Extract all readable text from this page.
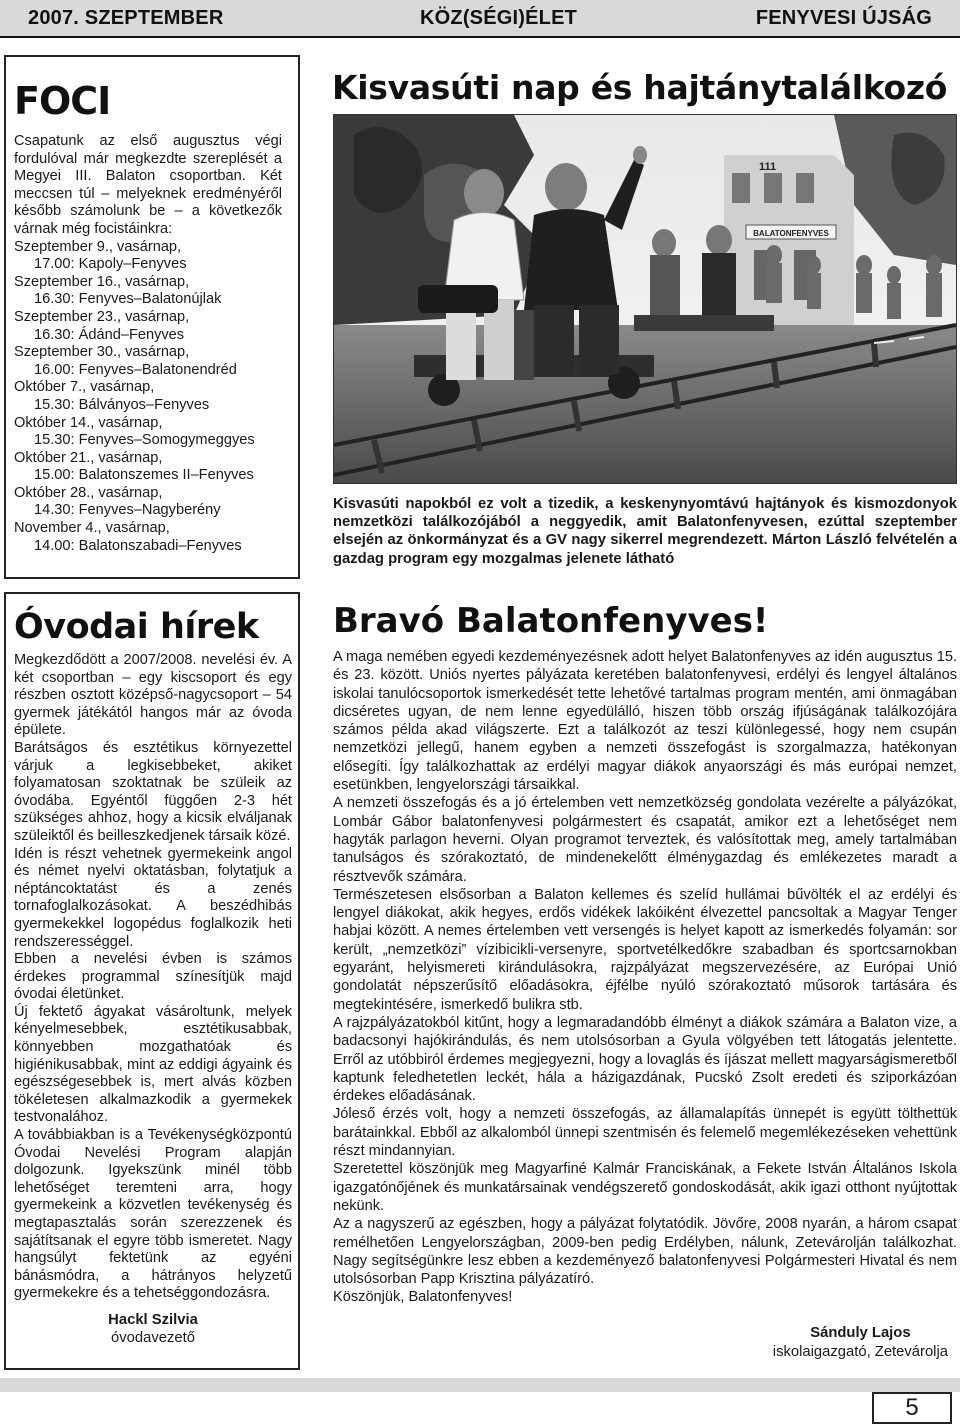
2007. SZEPTEMBER	KÖZ(SÉGI)ÉLET	FENYVESI ÚJSÁG
FOCI

Csapatunk az első augusztus végi fordulóval már megkezdte szereplését a Megyei III. Balaton csoportban. Két meccsen túl – melyeknek eredményéről később számolunk be – a következők várnak még focistáinkra:

Szeptember 9., vasárnap,
17.00: Kapoly–Fenyves
Szeptember 16., vasárnap,
16.30: Fenyves–Balatonújlak
Szeptember 23., vasárnap,
16.30: Ádánd–Fenyves
Szeptember 30., vasárnap,
16.00: Fenyves–Balatonendréd
Október 7., vasárnap,
15.30: Bálványos–Fenyves
Október 14., vasárnap,
15.30: Fenyves–Somogymeggyes
Október 21., vasárnap,
15.00: Balatonszemes II–Fenyves
Október 28., vasárnap,
14.30: Fenyves–Nagyberény
November 4., vasárnap,
14.00: Balatonszabadi–Fenyves
Óvodai hírek

Megkezdődött a 2007/2008. nevelési év. A két csoportban – egy kiscsoport és egy részben osztott középső-nagycsoport – 54 gyermek játékától hangos már az óvoda épülete.

Barátságos és esztétikus környezettel várjuk a legkisebbeket, akiket folyamatosan szoktatnak be szüleik az óvodába. Egyéntől függően 2-3 hét szükséges ahhoz, hogy a kicsik elváljanak szüleiktől és beilleszkedjenek társaik közé.

Idén is részt vehetnek gyermekeink angol és német nyelvi oktatásban, folytatjuk a néptáncoktatást és a zenés tornafoglalkozásokat. A beszédhibás gyermekekkel logopédus foglalkozik heti rendszerességgel.

Ebben a nevelési évben is számos érdekes programmal színesítjük majd óvodai életünket.

Új fektető ágyakat vásároltunk, melyek kényelmesebbek, esztétikusabbak, könnyebben mozgathatóak és higiénikusabbak, mint az eddigi ágyaink és egészségesebbek is, mert alvás közben tökéletesen alkalmazkodik a gyermekek testvonalához.

A továbbiakban is a Tevékenységközpontú Óvodai Nevelési Program alapján dolgozunk. Igyekszünk minél több lehetőséget teremteni arra, hogy gyermekeink a közvetlen tevékenység és megtapasztalás során szerezzenek és sajátítsanak el egyre több ismeretet. Nagy hangsúlyt fektetünk az egyéni bánásmódra, a hátrányos helyzetű gyermekekre és a tehetséggondozásra.

Hackl Szilvia
óvodavezető
Kisvasúti nap és hajtánytalálkozó
BALATONFENYVES
111

Kisvasúti napokból ez volt a tizedik, a keskenynyomtávú hajtányok és kismozdonyok nemzetközi találkozójából a neggyedik, amit Balatonfenyvesen, ezúttal szeptember elsején az önkormányzat és a GV nagy sikerrel megrendezett. Márton László felvételén a gazdag program egy mozgalmas jelenete látható

Bravó Balatonfenyves!

A maga nemében egyedi kezdeményezésnek adott helyet Balatonfenyves az idén augusztus 15. és 23. között. Uniós nyertes pályázata keretében balatonfenyvesi, erdélyi és lengyel általános iskolai tanulócsoportok ismerkedését tette lehetővé tartalmas program mentén, ami önmagában dicséretes ugyan, de nem lenne egyedülálló, hiszen több ország ifjúságának találkozójára számos példa akad világszerte. Ezt a találkozót az teszi különlegessé, hogy nem csupán nemzetközi jellegű, hanem egyben a nemzeti összefogást is szorgalmazza, hatékonyan elősegíti. Így találkozhattak az erdélyi magyar diákok anyaországi és más európai nemzet, esetünkben, lengyelországi társaikkal.

A nemzeti összefogás és a jó értelemben vett nemzetközség gondolata vezérelte a pályázókat, Lombár Gábor balatonfenyvesi polgármestert és csapatát, amikor ezt a lehetőséget nem hagyták parlagon heverni. Olyan programot terveztek, és valósítottak meg, amely tartalmában tanulságos és szórakoztató, de mindenekelőtt élménygazdag és emlékezetes maradt a résztvevők számára.

Természetesen elsősorban a Balaton kellemes és szelíd hullámai bűvölték el az erdélyi és lengyel diákokat, akik hegyes, erdős vidékek lakóiként élvezettel pancsoltak a Magyar Tenger habjai között. A nemes értelemben vett versengés is helyet kapott az ismerkedés folyamán: sor került, „nemzetközi” vízibicikli-versenyre, sportvetélkedőkre szabadban és sportcsarnokban egyaránt, helyismereti kirándulásokra, rajzpályázat megszervezésére, az Európai Unió gondolatát népszerűsítő előadásokra, éjfélbe nyúló szórakoztató műsorok tartására és megtekintésére, ismerkedő bulikra stb.

A rajzpályázatokból kitűnt, hogy a legmaradandóbb élményt a diákok számára a Balaton vize, a badacsonyi hajókirándulás, és nem utolsósorban a Gyula völgyében tett látogatás jelentette. Erről az utóbbiról érdemes megjegyezni, hogy a lovaglás és íjászat mellett magyarságismeretből kaptunk feledhetetlen leckét, hála a házigazdának, Pucskó Zsolt eredeti és sziporkázóan érdekes előadásának.

Jóleső érzés volt, hogy a nemzeti összefogás, az államalapítás ünnepét is együtt tölthettük barátainkkal. Ebből az alkalomból ünnepi szentmisén és felemelő megemlékezéseken vehettünk részt mindannyian.

Szeretettel köszönjük meg Magyarfiné Kalmár Franciskának, a Fekete István Általános Iskola igazgatónőjének és munkatársainak vendégszerető gondoskodását, akik igazi otthont nyújtottak nekünk.

Az a nagyszerű az egészben, hogy a pályázat folytatódik. Jövőre, 2008 nyarán, a három csapat remélhetően Lengyelországban, 2009-ben pedig Erdélyben, nálunk, Zetevárolján találkozhat. Nagy segítségünkre lesz ebben a kezdeményező balatonfenyvesi Polgármesteri Hivatal és nem utolsósorban Papp Krisztina pályázatíró.

Köszönjük, Balatonfenyves!

Sánduly Lajos
iskolaigazgató, Zetevárolja
5
